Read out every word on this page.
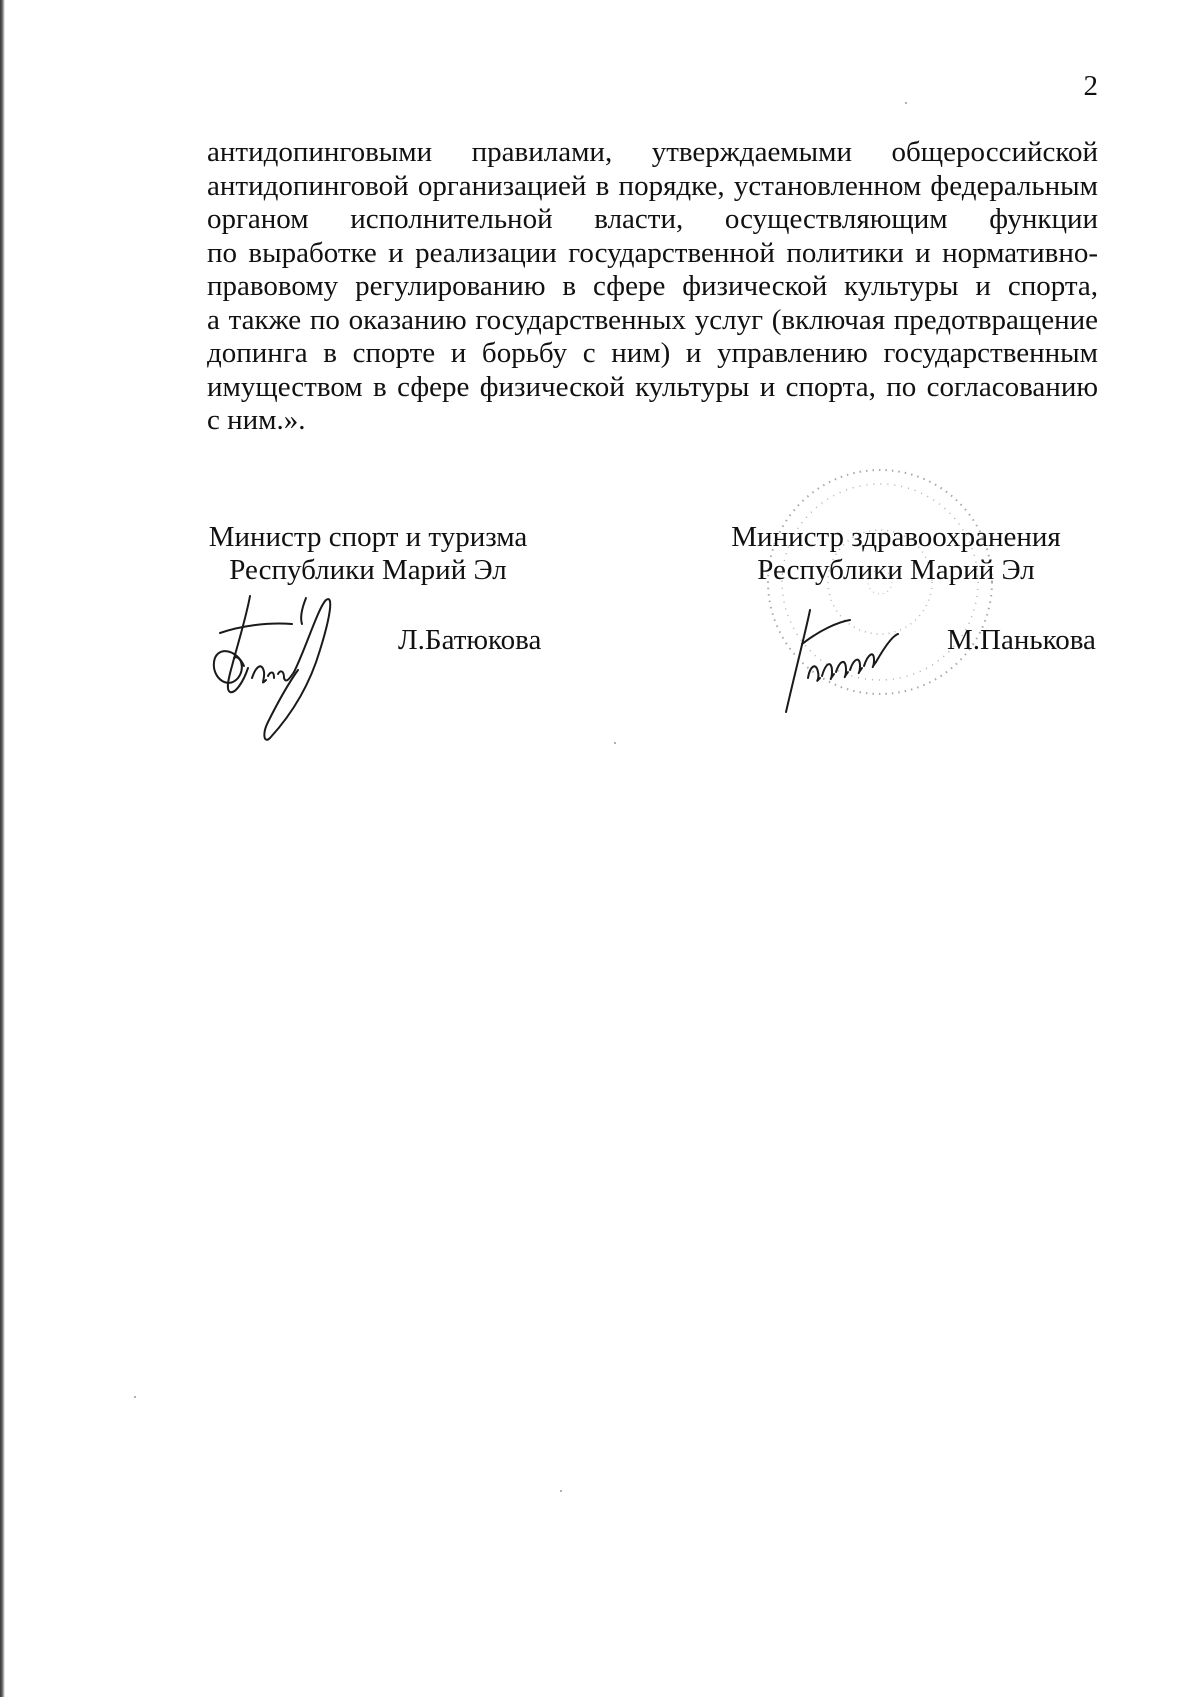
2
антидопинговыми правилами, утверждаемыми общероссийской
антидопинговой организацией в порядке, установленном федеральным
органом исполнительной власти, осуществляющим функции
по выработке и реализации государственной политики и нормативно-
правовому регулированию в сфере физической культуры и спорта,
а также по оказанию государственных услуг (включая предотвращение
допинга в спорте и борьбу с ним) и управлению государственным
имуществом в сфере физической культуры и спорта, по согласованию
с ним.».
Министр спорт и туризма
Республики Марий Эл
Л.Батюкова
Министр здравоохранения
Республики Марий Эл
М.Панькова
